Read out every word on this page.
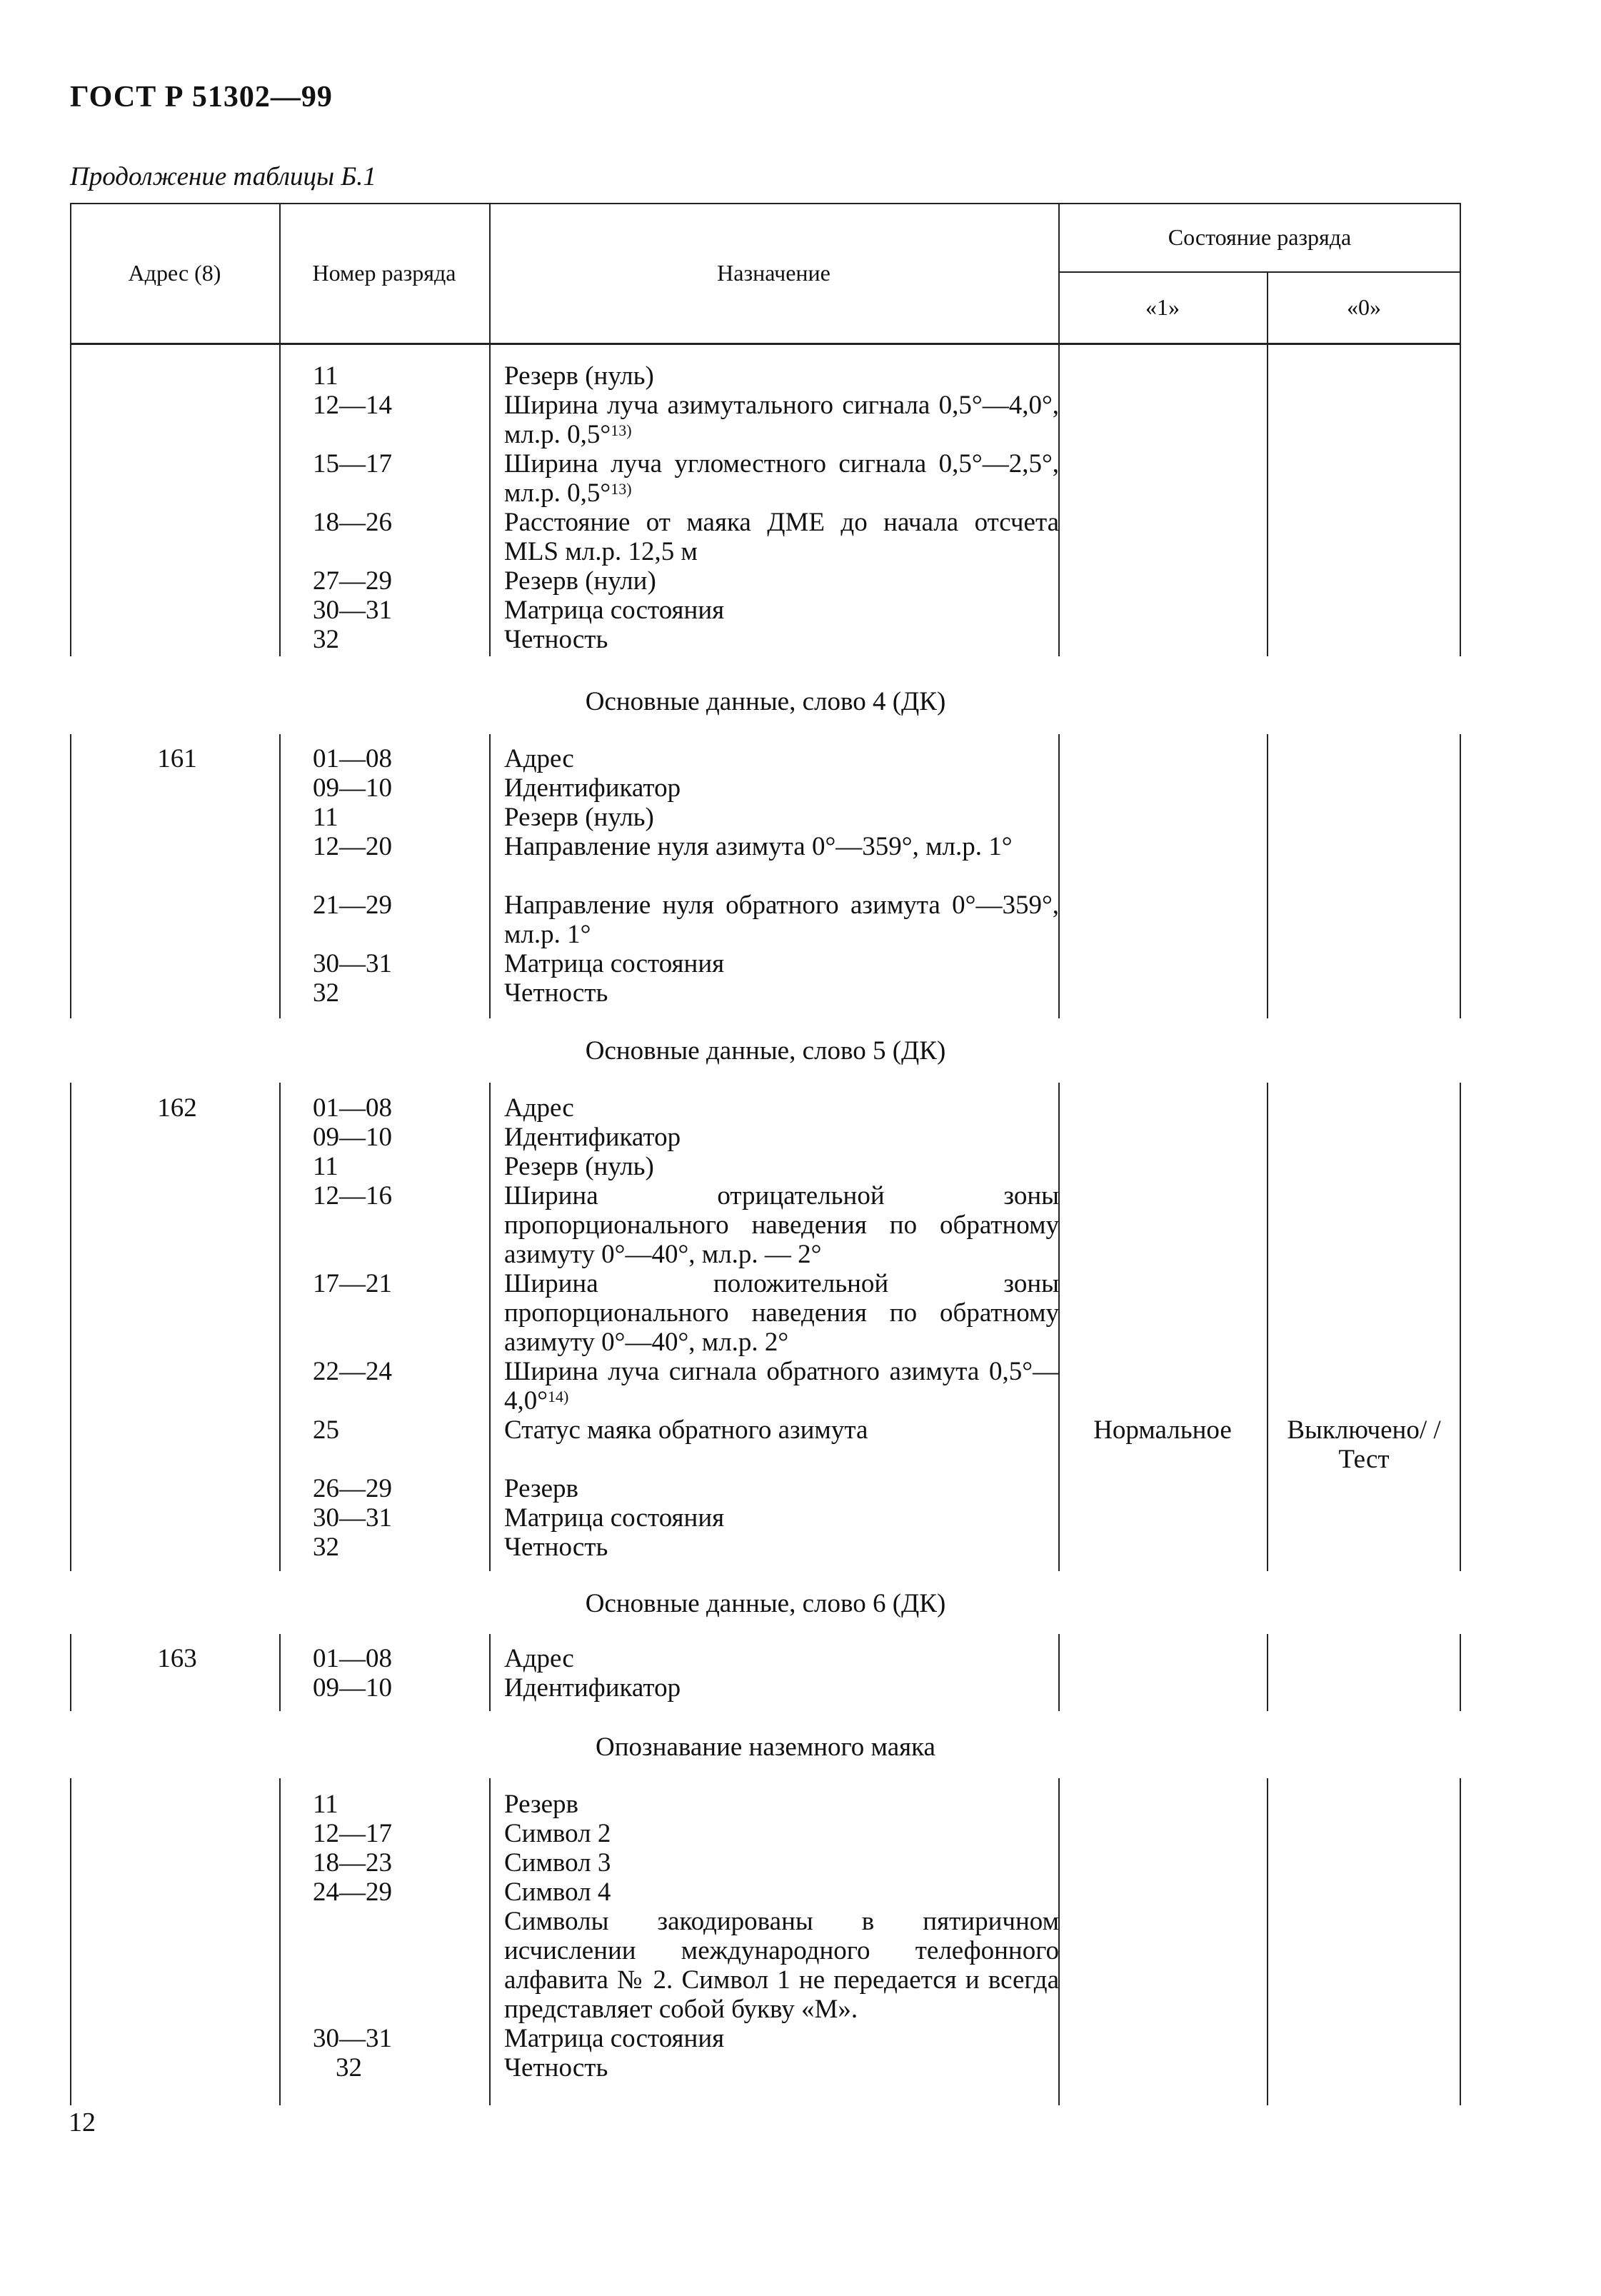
ГОСТ Р 51302—99
Продолжение таблицы Б.1
Адрес (8)	Номер разряда	Назначение
Состояние разряда
«1»	«0»
11	Резерв (нуль)
12—14	Ширина луча азимутального сигнала 0,5°—4,0°, мл.р. 0,5°$^{13)}$
15—17	Ширина луча угломестного сигнала 0,5°—2,5°, мл.р. 0,5°$^{13)}$
18—26	Расстояние от маяка ДМЕ до начала отсчета MLS мл.р. 12,5 м
27—29	Резерв (нули)
30—31	Матрица состояния
32	Четность
Основные данные, слово 4 (ДК)
161	01—08	Адрес
09—10	Идентификатор
11	Резерв (нуль)
12—20	Направление нуля азимута 0°—359°, мл.р. 1°
21—29	Направление нуля обратного азимута 0°—359°, мл.р. 1°
30—31	Матрица состояния
32	Четность
Основные данные, слово 5 (ДК)
162	01—08	Адрес
09—10	Идентификатор
11	Резерв (нуль)
12—16	Ширина отрицательной зоны пропорционального наведения по обратному азимуту 0°—40°, мл.р. — 2°
17—21	Ширина положительной зоны пропорционального наведения по обратному азимуту 0°—40°, мл.р. 2°
22—24	Ширина луча сигнала обратного азимута 0,5°—4,0°$^{14)}$
25	Статус маяка обратного азимута	Нормальное	Выключено/ /Тест
26—29	Резерв
30—31	Матрица состояния
32	Четность
Основные данные, слово 6 (ДК)
163	01—08	Адрес
09—10	Идентификатор
Опознавание наземного маяка
11	Резерв
12—17	Символ 2
18—23	Символ 3
24—29	Символ 4
Символы закодированы в пятиричном исчислении международного телефонного алфавита № 2. Символ 1 не передается и всегда представляет собой букву «М».
30—31	Матрица состояния
32	Четность
12
